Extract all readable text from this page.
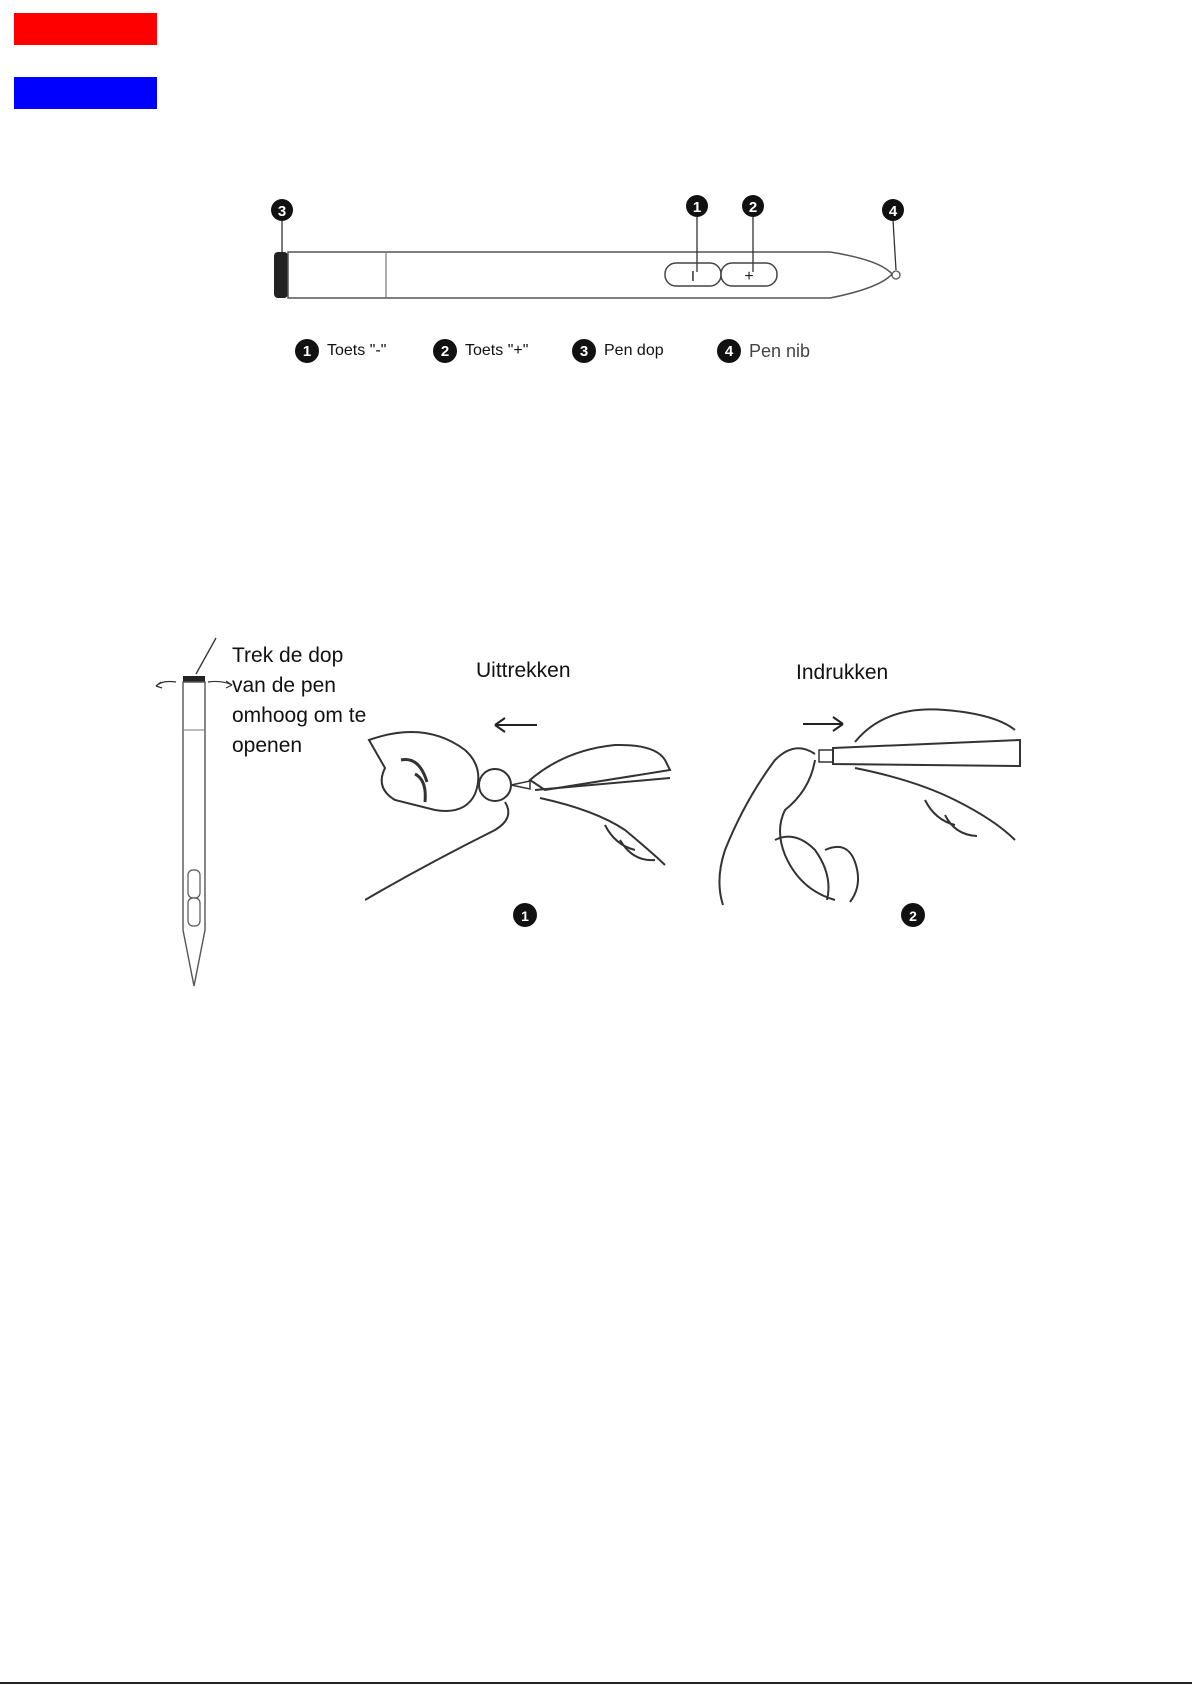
I	+
3	1	2	4
1 Toets "-"	2 Toets "+"	3 Pen dop	4 Pen nib
Trek de dop
van de pen
omhoog om te
openen
Uittrekken
1
Indrukken
2
